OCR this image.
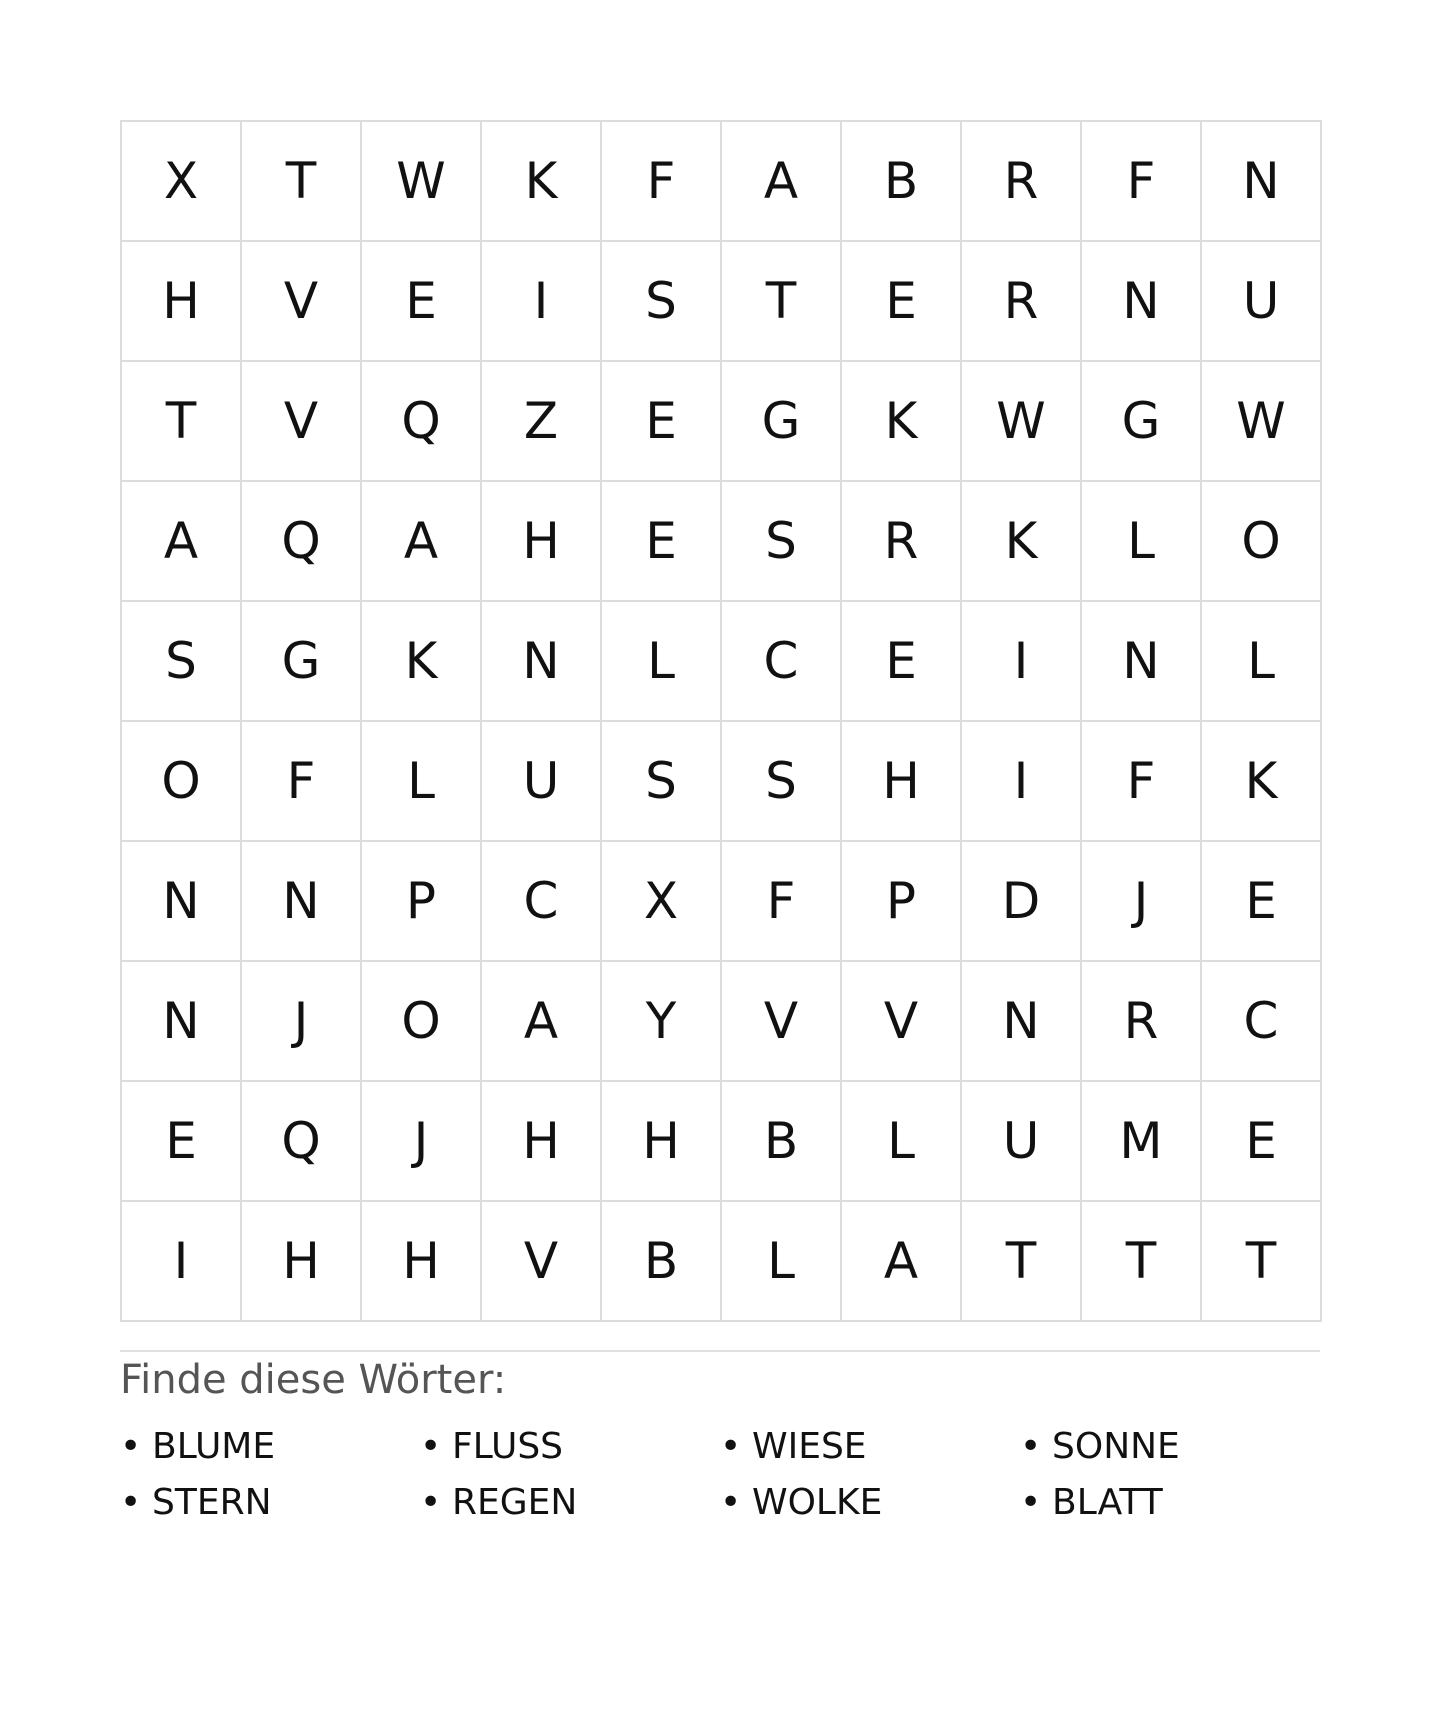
X	T	W	K	F	A	B	R	F	N
H	V	E	I	S	T	E	R	N	U
T	V	Q	Z	E	G	K	W	G	W
A	Q	A	H	E	S	R	K	L	O
S	G	K	N	L	C	E	I	N	L
O	F	L	U	S	S	H	I	F	K
N	N	P	C	X	F	P	D	J	E
N	J	O	A	Y	V	V	N	R	C
E	Q	J	H	H	B	L	U	M	E
I	H	H	V	B	L	A	T	T	T
Finde diese Wörter:
• BLUME	• FLUSS	• WIESE	• SONNE
• STERN	• REGEN	• WOLKE	• BLATT
